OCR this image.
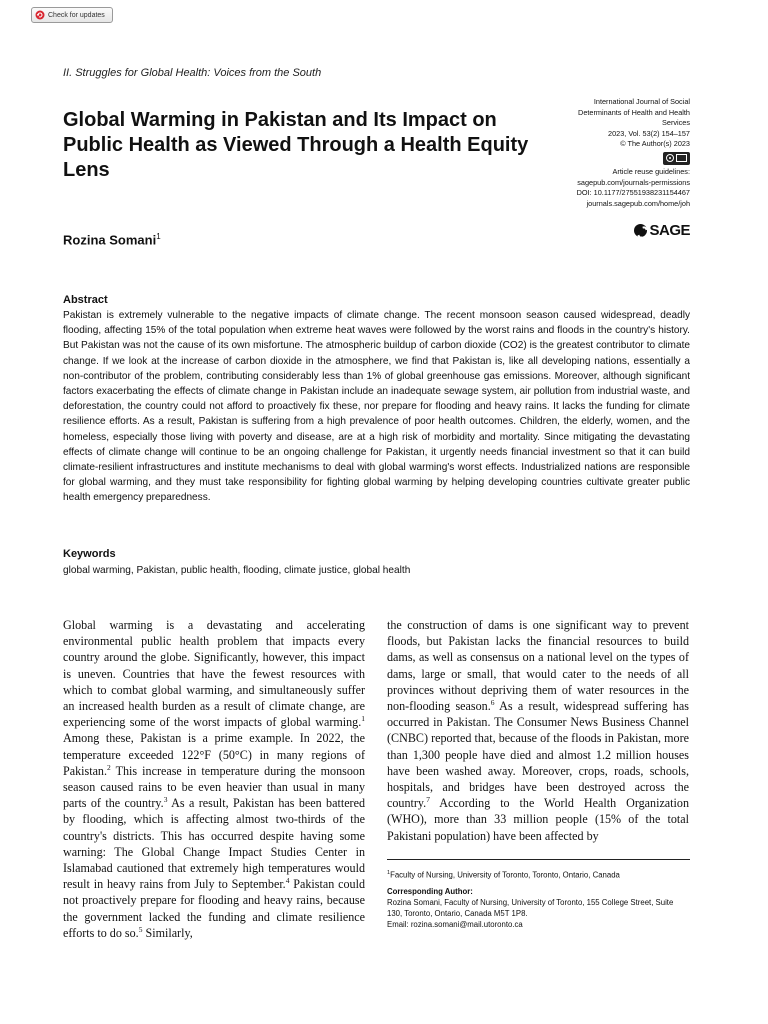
Check for updates
II. Struggles for Global Health: Voices from the South
Global Warming in Pakistan and Its Impact on Public Health as Viewed Through a Health Equity Lens
International Journal of Social
Determinants of Health and Health
Services
2023, Vol. 53(2) 154–157
© The Author(s) 2023
Article reuse guidelines:
sagepub.com/journals-permissions
DOI: 10.1177/27551938231154467
journals.sagepub.com/home/joh
SAGE
Rozina Somani$^1$
Abstract

Pakistan is extremely vulnerable to the negative impacts of climate change. The recent monsoon season caused widespread, deadly flooding, affecting 15% of the total population when extreme heat waves were followed by the worst rains and floods in the country's history. But Pakistan was not the cause of its own misfortune. The atmospheric buildup of carbon dioxide (CO2) is the greatest contributor to climate change. If we look at the increase of carbon dioxide in the atmosphere, we find that Pakistan is, like all developing nations, essentially a non-contributor of the problem, contributing considerably less than 1% of global greenhouse gas emissions. Moreover, although significant factors exacerbating the effects of climate change in Pakistan include an inadequate sewage system, air pollution from industrial waste, and deforestation, the country could not afford to proactively fix these, nor prepare for flooding and heavy rains. It lacks the funding for climate resilience efforts. As a result, Pakistan is suffering from a high prevalence of poor health outcomes. Children, the elderly, women, and the homeless, especially those living with poverty and disease, are at a high risk of morbidity and mortality. Since mitigating the devastating effects of climate change will continue to be an ongoing challenge for Pakistan, it urgently needs financial investment so that it can build climate-resilient infrastructures and institute mechanisms to deal with global warming's worst effects. Industrialized nations are responsible for global warming, and they must take responsibility for fighting global warming by helping developing countries cultivate greater public health emergency preparedness.

Keywords

global warming, Pakistan, public health, flooding, climate justice, global health

Global warming is a devastating and accelerating environmental public health problem that impacts every country around the globe. Significantly, however, this impact is uneven. Countries that have the fewest resources with which to combat global warming, and simultaneously suffer an increased health burden as a result of climate change, are experiencing some of the worst impacts of global warming.$^1$ Among these, Pakistan is a prime example. In 2022, the temperature exceeded 122°F (50°C) in many regions of Pakistan.$^2$ This increase in temperature during the monsoon season caused rains to be even heavier than usual in many parts of the country.$^3$ As a result, Pakistan has been battered by flooding, which is affecting almost two-thirds of the country's districts. This has occurred despite having some warning: The Global Change Impact Studies Center in Islamabad cautioned that extremely high temperatures would result in heavy rains from July to September.$^4$ Pakistan could not proactively prepare for flooding and heavy rains, because the government lacked the funding and climate resilience efforts to do so.$^5$ Similarly,
the construction of dams is one significant way to prevent floods, but Pakistan lacks the financial resources to build dams, as well as consensus on a national level on the types of dams, large or small, that would cater to the needs of all provinces without depriving them of water resources in the non-flooding season.$^6$ As a result, widespread suffering has occurred in Pakistan. The Consumer News Business Channel (CNBC) reported that, because of the floods in Pakistan, more than 1,300 people have died and almost 1.2 million houses have been washed away. Moreover, crops, roads, schools, hospitals, and bridges have been destroyed across the country.$^7$ According to the World Health Organization (WHO), more than 33 million people (15% of the total Pakistani population) have been affected by
$^1$Faculty of Nursing, University of Toronto, Toronto, Ontario, Canada
Corresponding Author:
Rozina Somani, Faculty of Nursing, University of Toronto, 155 College Street, Suite 130, Toronto, Ontario, Canada M5T 1P8.
Email: rozina.somani@mail.utoronto.ca
